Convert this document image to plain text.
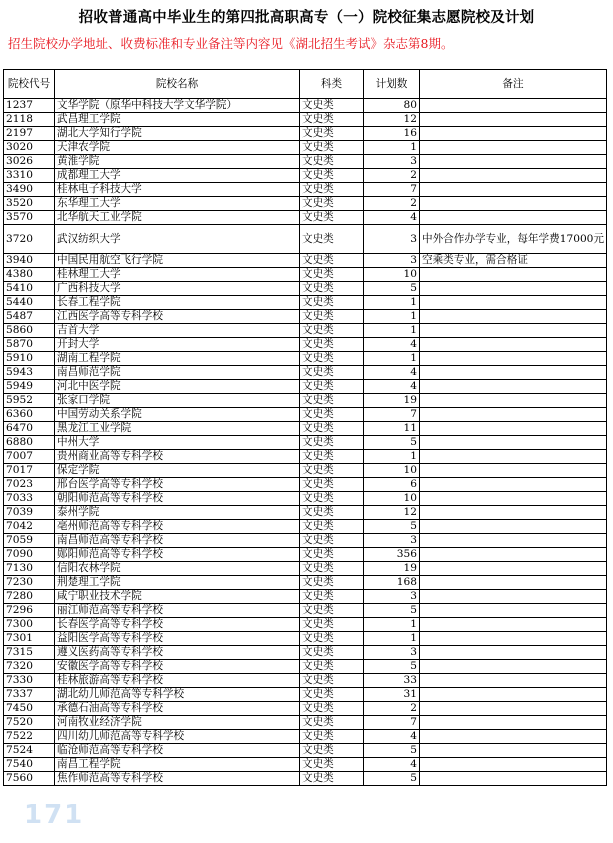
招收普通高中毕业生的第四批高职高专（一）院校征集志愿院校及计划
招生院校办学地址、收费标准和专业备注等内容见《湖北招生考试》杂志第8期。
院校代号	院校名称	科类	计划数	备注
1237	文华学院（原华中科技大学文华学院）	文史类	80	
2118	武昌理工学院	文史类	12	
2197	湖北大学知行学院	文史类	16	
3020	天津农学院	文史类	1	
3026	黄淮学院	文史类	3	
3310	成都理工大学	文史类	2	
3490	桂林电子科技大学	文史类	7	
3520	东华理工大学	文史类	2	
3570	北华航天工业学院	文史类	4	
3720	武汉纺织大学	文史类	3	中外合作办学专业，每年学费17000元
3940	中国民用航空飞行学院	文史类	3	空乘类专业，需合格证
4380	桂林理工大学	文史类	10	
5410	广西科技大学	文史类	5	
5440	长春工程学院	文史类	1	
5487	江西医学高等专科学校	文史类	1	
5860	吉首大学	文史类	1	
5870	开封大学	文史类	4	
5910	湖南工程学院	文史类	1	
5943	南昌师范学院	文史类	4	
5949	河北中医学院	文史类	4	
5952	张家口学院	文史类	19	
6360	中国劳动关系学院	文史类	7	
6470	黑龙江工业学院	文史类	11	
6880	中州大学	文史类	5	
7007	贵州商业高等专科学校	文史类	1	
7017	保定学院	文史类	10	
7023	邢台医学高等专科学校	文史类	6	
7033	朝阳师范高等专科学校	文史类	10	
7039	泰州学院	文史类	12	
7042	亳州师范高等专科学校	文史类	5	
7059	南昌师范高等专科学校	文史类	3	
7090	郧阳师范高等专科学校	文史类	356	
7130	信阳农林学院	文史类	19	
7230	荆楚理工学院	文史类	168	
7280	咸宁职业技术学院	文史类	3	
7296	丽江师范高等专科学校	文史类	5	
7300	长春医学高等专科学校	文史类	1	
7301	益阳医学高等专科学校	文史类	1	
7315	遵义医药高等专科学校	文史类	3	
7320	安徽医学高等专科学校	文史类	5	
7330	桂林旅游高等专科学校	文史类	33	
7337	湖北幼儿师范高等专科学校	文史类	31	
7450	承德石油高等专科学校	文史类	2	
7520	河南牧业经济学院	文史类	7	
7522	四川幼儿师范高等专科学校	文史类	4	
7524	临沧师范高等专科学校	文史类	5	
7540	南昌工程学院	文史类	4	
7560	焦作师范高等专科学校	文史类	5	
171
